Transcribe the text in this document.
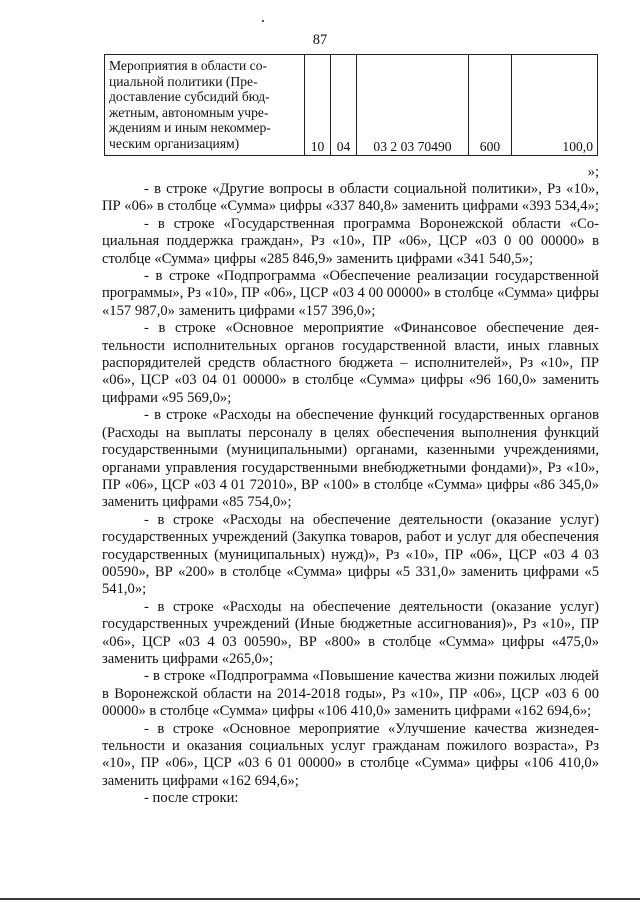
87
Мероприятия в области социальной политики (Предоставление субсидий бюджетным, автономным учреждениям и иным некоммерческим организациям)	10	04	03 2 03 70490	600	100,0

»;

- в строке «Другие вопросы в области социальной политики», Рз «10», ПР «06» в столбце «Сумма» цифры «337 840,8» заменить цифрами «393 534,4»;

- в строке «Государственная программа Воронежской области «Социальная поддержка граждан», Рз «10», ПР «06», ЦСР «03 0 00 00000» в столбце «Сумма» цифры «285 846,9» заменить цифрами «341 540,5»;

- в строке «Подпрограмма «Обеспечение реализации государственной программы», Рз «10», ПР «06», ЦСР «03 4 00 00000» в столбце «Сумма» цифры «157 987,0» заменить цифрами «157 396,0»;

- в строке «Основное мероприятие «Финансовое обеспечение деятельности исполнительных органов государственной власти, иных главных распорядителей средств областного бюджета – исполнителей», Рз «10», ПР «06», ЦСР «03 04 01 00000» в столбце «Сумма» цифры «96 160,0» заменить цифрами «95 569,0»;

- в строке «Расходы на обеспечение функций государственных органов (Расходы на выплаты персоналу в целях обеспечения выполнения функций государственными (муниципальными) органами, казенными учреждениями, органами управления государственными внебюджетными фондами)», Рз «10», ПР «06», ЦСР «03 4 01 72010», ВР «100» в столбце «Сумма» цифры «86 345,0» заменить цифрами «85 754,0»;

- в строке «Расходы на обеспечение деятельности (оказание услуг) государственных учреждений (Закупка товаров, работ и услуг для обеспечения государственных (муниципальных) нужд)», Рз «10», ПР «06», ЦСР «03 4 03 00590», ВР «200» в столбце «Сумма» цифры «5 331,0» заменить цифрами «5 541,0»;

- в строке «Расходы на обеспечение деятельности (оказание услуг) государственных учреждений (Иные бюджетные ассигнования)», Рз «10», ПР «06», ЦСР «03 4 03 00590», ВР «800» в столбце «Сумма» цифры «475,0» заменить цифрами «265,0»;

- в строке «Подпрограмма «Повышение качества жизни пожилых людей в Воронежской области на 2014-2018 годы», Рз «10», ПР «06», ЦСР «03 6 00 00000» в столбце «Сумма» цифры «106 410,0» заменить цифрами «162 694,6»;

- в строке «Основное мероприятие «Улучшение качества жизнедеятельности и оказания социальных услуг гражданам пожилого возраста», Рз «10», ПР «06», ЦСР «03 6 01 00000» в столбце «Сумма» цифры «106 410,0» заменить цифрами «162 694,6»;

- после строки:
